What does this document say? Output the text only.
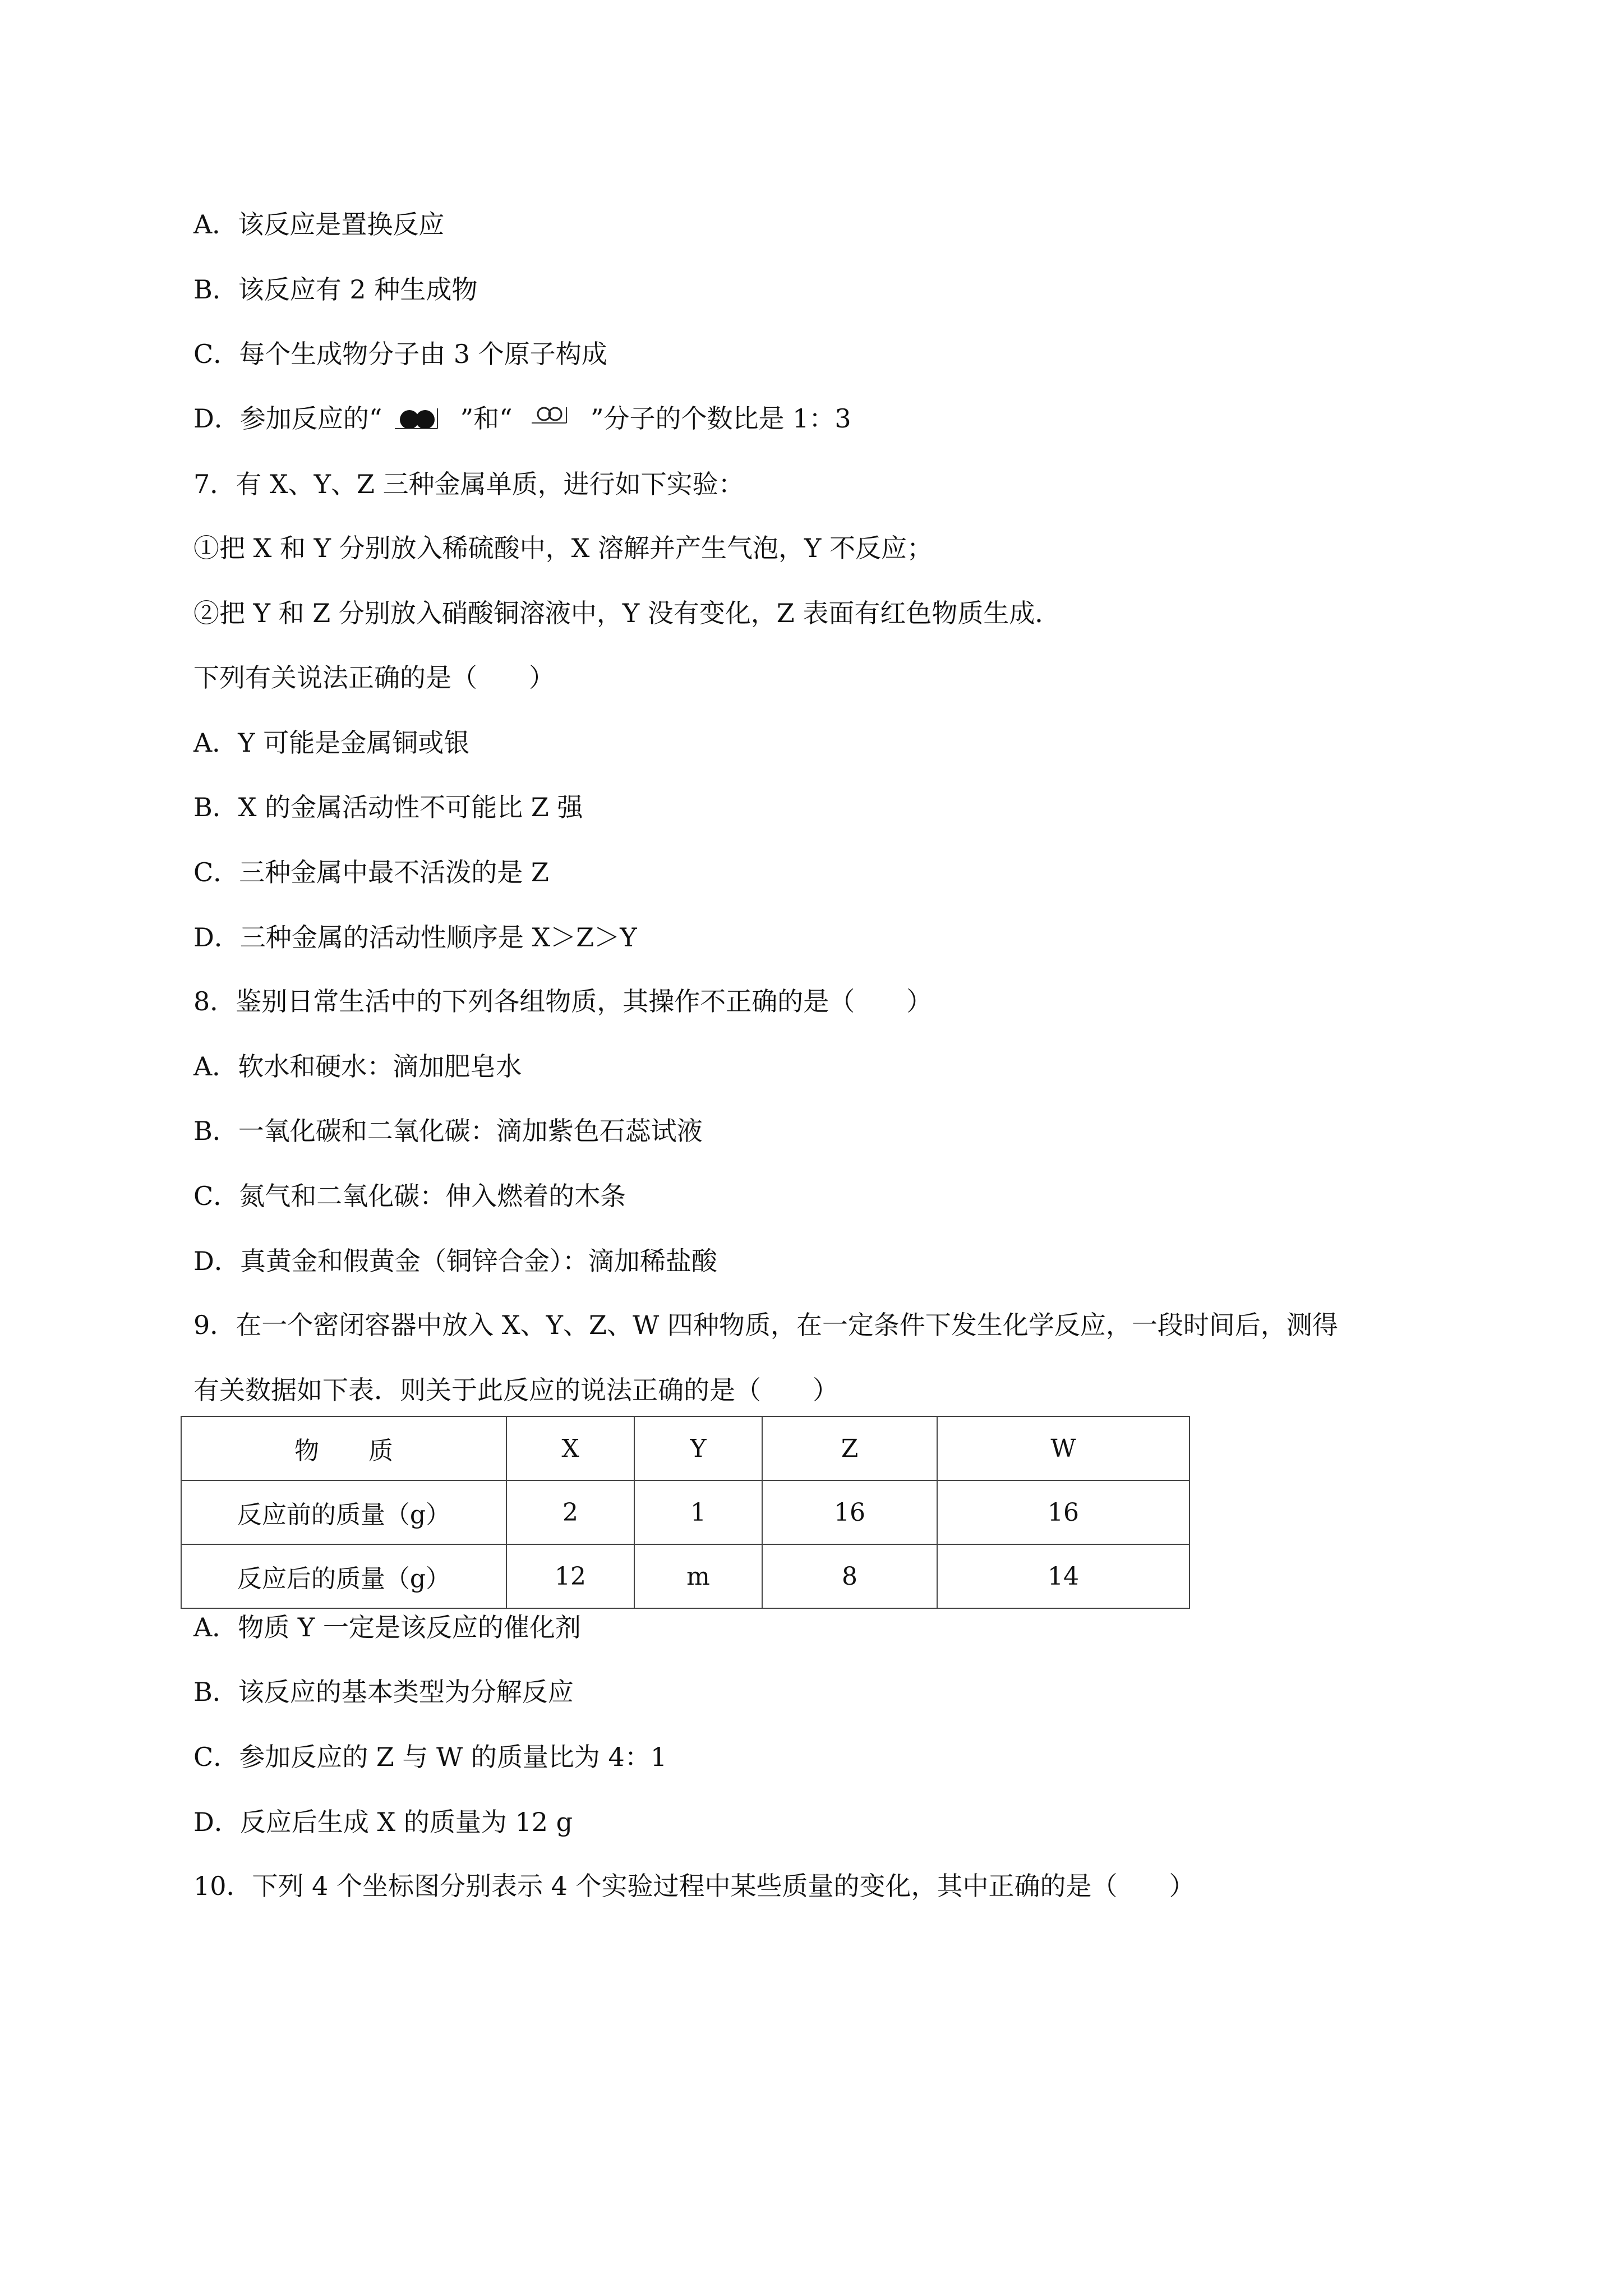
A．该反应是置换反应
B．该反应有 2 种生成物
C．每个生成物分子由 3 个原子构成
D．参加反应的“	”和“	”分子的个数比是 1：3
7．有 X、Y、Z 三种金属单质，进行如下实验：
①把 X 和 Y 分别放入稀硫酸中，X 溶解并产生气泡，Y 不反应；
②把 Y 和 Z 分别放入硝酸铜溶液中，Y 没有变化，Z 表面有红色物质生成．
下列有关说法正确的是（　　）
A．Y 可能是金属铜或银
B．X 的金属活动性不可能比 Z 强
C．三种金属中最不活泼的是 Z
D．三种金属的活动性顺序是 X＞Z＞Y
8．鉴别日常生活中的下列各组物质，其操作不正确的是（　　）
A．软水和硬水：滴加肥皂水
B．一氧化碳和二氧化碳：滴加紫色石蕊试液
C．氮气和二氧化碳：伸入燃着的木条
D．真黄金和假黄金（铜锌合金）：滴加稀盐酸
9．在一个密闭容器中放入 X、Y、Z、W 四种物质，在一定条件下发生化学反应，一段时间后，测得
有关数据如下表．则关于此反应的说法正确的是（　　）
物　　质	X	Y	Z	W
反应前的质量（g）	2	1	16	16
反应后的质量（g）	12	m	8	14
A．物质 Y 一定是该反应的催化剂
B．该反应的基本类型为分解反应
C．参加反应的 Z 与 W 的质量比为 4：1
D．反应后生成 X 的质量为 12 g
10．下列 4 个坐标图分别表示 4 个实验过程中某些质量的变化，其中正确的是（　　）
